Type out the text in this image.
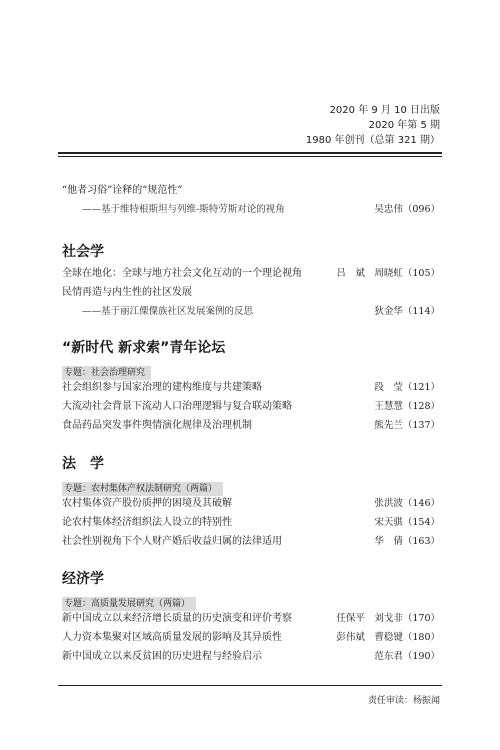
2020 年 9 月 10 日出版
2020 年第 5 期
1980 年创刊（总第 321 期）
“他者习俗”诠释的“规范性”
——基于维特根斯坦与列维-斯特劳斯对论的视角	吴忠伟（096）
社会学
全球在地化：全球与地方社会文化互动的一个理论视角	吕　斌　周晓虹（105）
民情再造与内生性的社区发展
——基于丽江傈僳族社区发展案例的反思	狄金华（114）
“新时代 新求索”青年论坛
专题：社会治理研究
社会组织参与国家治理的建构维度与共建策略	段　莹（121）
大流动社会背景下流动人口治理逻辑与复合联动策略	王慧慧（128）
食品药品突发事件舆情演化规律及治理机制	熊先兰（137）
法　学
专题：农村集体产权法制研究（两篇）
农村集体资产股份质押的困境及其破解	张洪波（146）
论农村集体经济组织法人设立的特别性	宋天骐（154）
社会性别视角下个人财产婚后收益归属的法律适用	华　倩（163）
经济学
专题：高质量发展研究（两篇）
新中国成立以来经济增长质量的历史演变和评价考察	任保平　刘戈非（170）
人力资本集聚对区域高质量发展的影响及其异质性	彭伟斌　曹稳键（180）
新中国成立以来反贫困的历史进程与经验启示	范东君（190）
责任审读：杨振闻
